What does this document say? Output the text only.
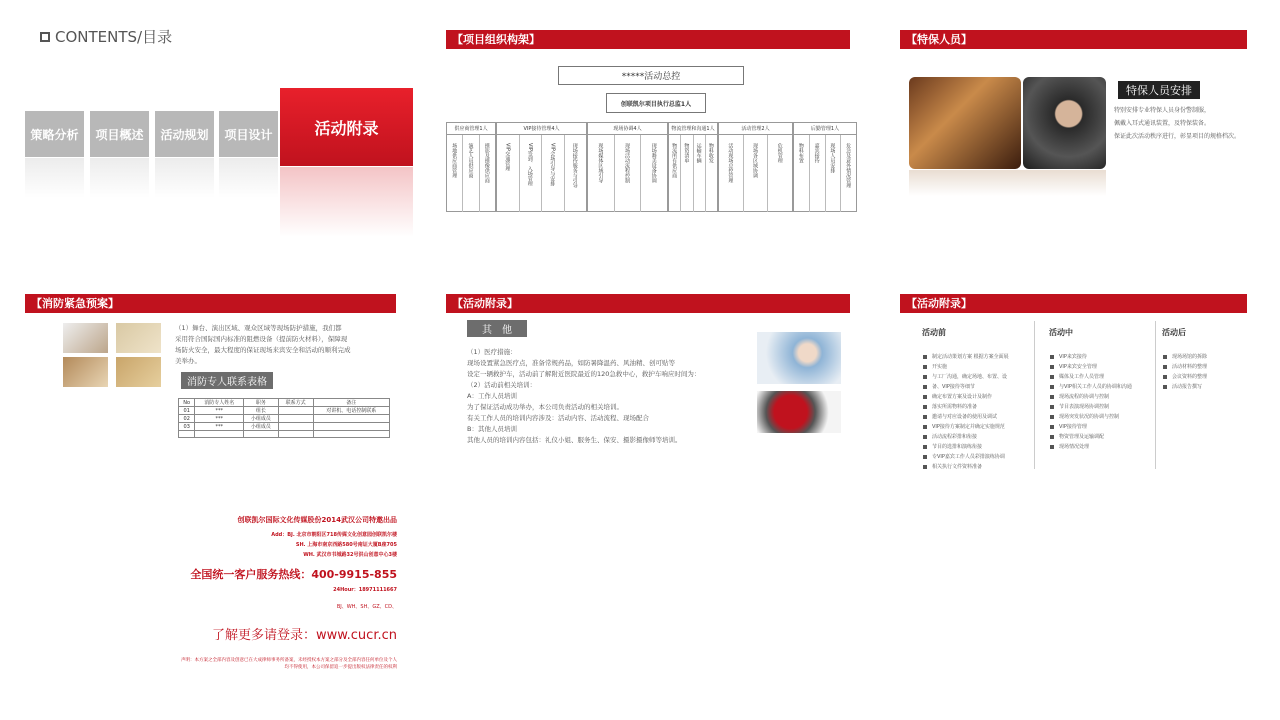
CONTENTS/目录
策略分析	项目概述	活动规划	项目设计	活动附录
【项目组织构架】
*****活动总控
创联凯尔项目执行总监1人
供应商管理1人
场地供应商管理	演艺人员供应商	摄影及摄像供应商
VIP接待管理4人
VIP交通管理	VIP签到、入场管理	VIP会场引导与安排	现场接待服务与引导
现场协调4人
现场媒体区域引导	现场活动流程控制	现场舞美设备协调
物流管理和沟通1人
物流所有供应商	物资清单	运输车辆	物料收发
活动管理2人
活动现场总控管理	现场各区域协调	危机管理
后勤管理1人
物料布置	嘉宾接待	现场人员安排	危急及意外情况管理
【特保人员】
特保人员安排
特别安排专业特保人员身份警制服，
佩戴入耳式通讯装置，及特保装备。
保证此次活动秩序进行，彰显项目的规格档次。
【消防紧急预案】
（1）舞台、演出区域、观众区域等现场防护措施，我们都
采用符合国际国内标准的阻燃设备（提前防火材料），保障现
场防火安全，最大程度的保证现场来宾安全和活动的顺利完成
美举办。
消防专人联系表格
No	消防专人姓名	职务	联系方式	备注
01	***	组长		对讲机、电话控制联系
02	***	小组成员		
03	***	小组成员		

创联凯尔国际文化传媒股份2014武汉公司特邀出品
Add：BJ. 北京市朝阳区718传媒文化创意园创联凯尔楼
SH. 上海市南京西路580号南证大厦B座705
WH. 武汉市书城路32号洪山创意中心3楼
全国统一客户服务热线：400-9915-855
24Hour：18971111667
BJ、WH、SH、GZ、CD、
了解更多请登录：www.cucr.cn
声明：本方案之全部内容及创意已在大成律师事务所备案，未经授权本方案之部分及全部内容任何单位及个人
均不得使用，本公司保留追一步提出版权法律责任的权利
【活动附录】
其　他
（1）医疗措施：
现场设置紧急医疗点，准备常规药品，如防暑降温药、风油精、创可贴等
设定一辆救护车，活动前了解附近医院最近的120急救中心，救护车响应时间为：
（2）活动前相关培训：
A：工作人员培训
为了保证活动成功举办，本公司负责活动的相关培训。
有关工作人员的培训内容涉及：活动内容、活动流程、现场配合
B：其他人员培训
其他人员的培训内容包括：礼仪小姐、服务生、保安、摄影摄像师等培训。
【活动附录】
活动前
制定活动策划方案 根据方案全面展
开实施
与工厂沟通，确定场地、布置、设
备、VIP接待等细节
确定布置方案及设计及制作
落实所需物料的准备
邀请与对应设备的使用及调试
VIP接待方案制定并确定实施规范
活动流程彩排和衔接
节目的选排和演练衔接
专VIP嘉宾工作人员彩排演练协调
相关执行文件资料准备
活动中
VIP来宾接待
VIP来宾安全管理
媒体及工作人员管理
与VIP相关工作人员的协调和沟通
现场流程的协调与控制
节目表演现场协调控制
现场突发状况的协调与控制
VIP接待管理
物资管理及运输调配
现场情况处理
活动后
现场场馆的拆除
活动材料的整理
会议资料的整理
活动报告撰写
